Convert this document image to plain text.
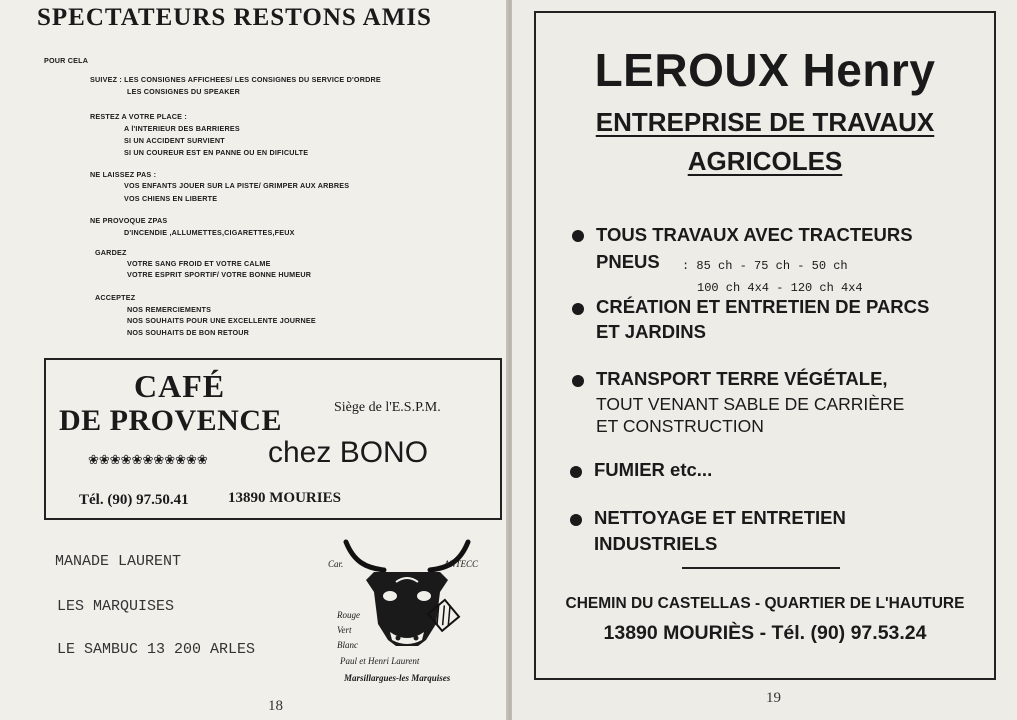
SPECTATEURS RESTONS AMIS
POUR CELA
SUIVEZ : LES CONSIGNES AFFICHEES/ LES CONSIGNES DU SERVICE D'ORDRE
LES CONSIGNES DU SPEAKER
RESTEZ A VOTRE PLACE :
A l'INTERIEUR DES BARRIERES
SI UN ACCIDENT SURVIENT
SI UN COUREUR EST EN PANNE OU EN DIFICULTE
NE LAISSEZ PAS :
VOS ENFANTS JOUER SUR LA PISTE/ GRIMPER AUX ARBRES
VOS CHIENS EN LIBERTE
NE PROVOQUE ZPAS
D'INCENDIE ,ALLUMETTES,CIGARETTES,FEUX
GARDEZ
VOTRE SANG FROID ET VOTRE CALME
VOTRE ESPRIT SPORTIF/ VOTRE BONNE HUMEUR
ACCEPTEZ
NOS REMERCIEMENTS
NOS SOUHAITS POUR UNE EXCELLENTE JOURNEE
NOS SOUHAITS DE BON RETOUR
CAFÉ
DE PROVENCE	Siège de l'E.S.P.M.
chez BONO
❀❀❀❀❀❀❀❀❀❀❀
Tél. (90) 97.50.41	13890 MOURIES
MANADE LAURENT
LES MARQUISES
LE SAMBUC 13 200 ARLES
Car.	ANTECC
Rouge
Vert
Blanc
Paul et Henri Laurent
Marsillargues-les Marquises
18
LEROUX Henry
ENTREPRISE DE TRAVAUX
AGRICOLES
TOUS TRAVAUX AVEC TRACTEURS
PNEUS : 85 ch - 75 ch - 50 ch
100 ch 4x4 - 120 ch 4x4
CRÉATION ET ENTRETIEN DE PARCS
ET JARDINS
TRANSPORT TERRE VÉGÉTALE,
TOUT VENANT SABLE DE CARRIÈRE
ET CONSTRUCTION
FUMIER etc...
NETTOYAGE ET ENTRETIEN
INDUSTRIELS
CHEMIN DU CASTELLAS - QUARTIER DE L'HAUTURE
13890 MOURIÈS - Tél. (90) 97.53.24
19
